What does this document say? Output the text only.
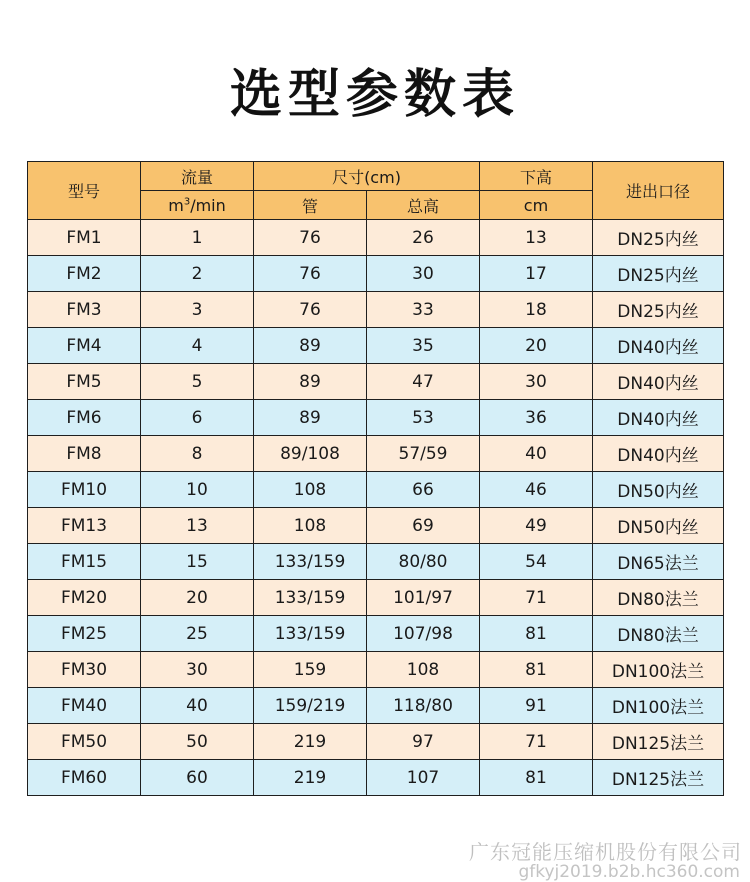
选型参数表
型号	流量	尺寸(cm)		下高	进出口径
	$m^3/\min$	管	总高	cm	
FM1	1	76	26	13	DN25内丝
FM2	2	76	30	17	DN25内丝
FM3	3	76	33	18	DN25内丝
FM4	4	89	35	20	DN40内丝
FM5	5	89	47	30	DN40内丝
FM6	6	89	53	36	DN40内丝
FM8	8	89/108	57/59	40	DN40内丝
FM10	10	108	66	46	DN50内丝
FM13	13	108	69	49	DN50内丝
FM15	15	133/159	80/80	54	DN65法兰
FM20	20	133/159	101/97	71	DN80法兰
FM25	25	133/159	107/98	81	DN80法兰
FM30	30	159	108	81	DN100法兰
FM40	40	159/219	118/80	91	DN100法兰
FM50	50	219	97	71	DN125法兰
FM60	60	219	107	81	DN125法兰
广东冠能压缩机股份有限公司
gfkyj2019.b2b.hc360.com
